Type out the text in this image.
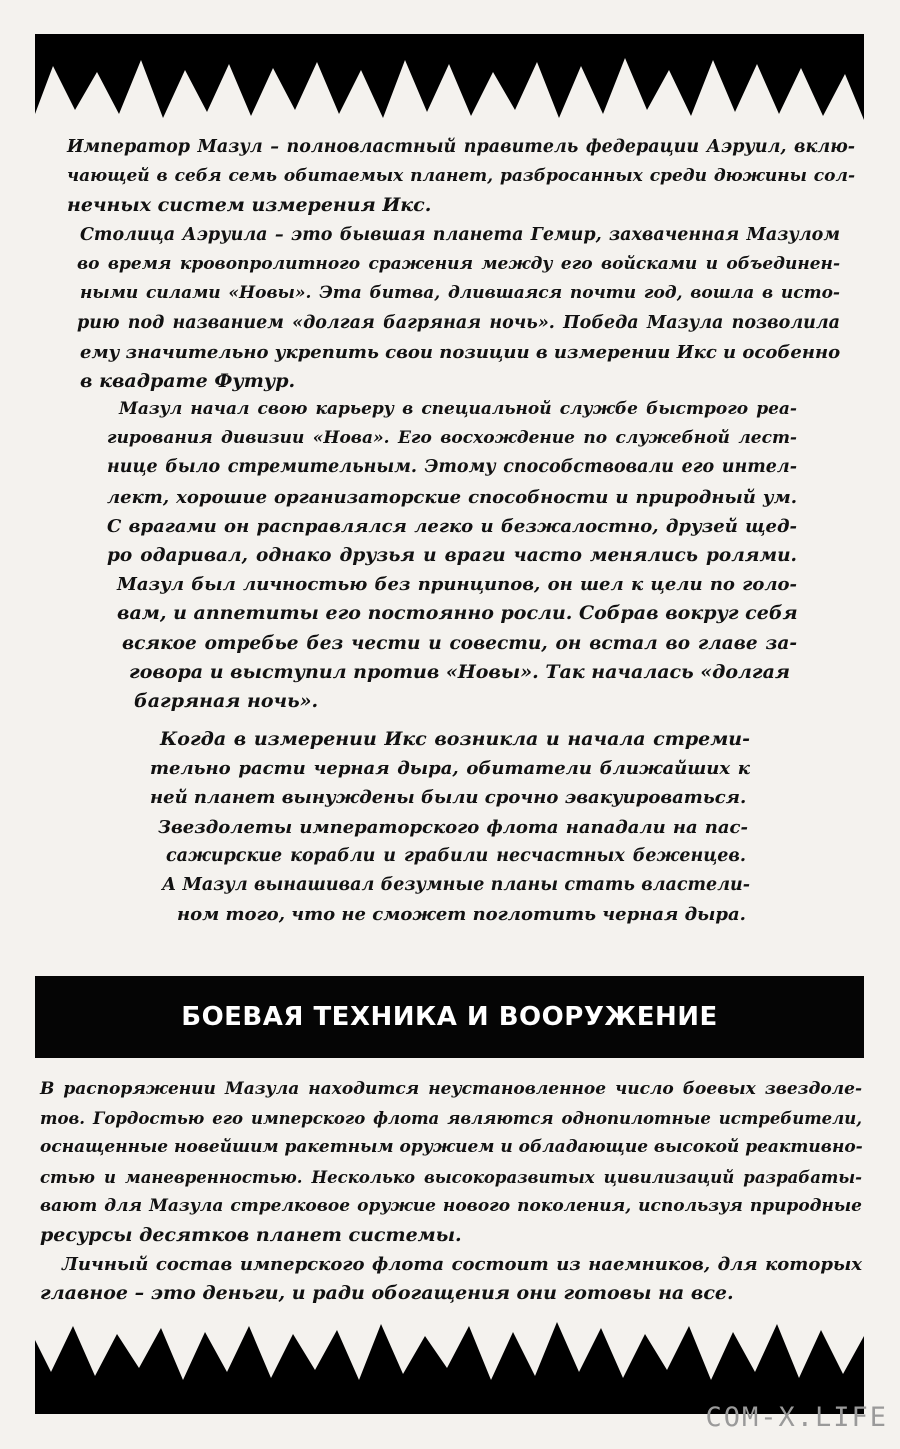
Император Мазул – полновластный правитель федерации Аэруил, вклю-

чающей в себя семь обитаемых планет, разбросанных среди дюжины сол-

нечных систем измерения Икс.

Столица Аэруила – это бывшая планета Гемир, захваченная Мазулом

во время кровопролитного сражения между его войсками и объединен-

ными силами «Новы». Эта битва, длившаяся почти год, вошла в исто-

рию под названием «долгая багряная ночь». Победа Мазула позволила

ему значительно укрепить свои позиции в измерении Икс и особенно

в квадрате Футур.

Мазул начал свою карьеру в специальной службе быстрого реа-

гирования дивизии «Нова». Его восхождение по служебной лест-

нице было стремительным. Этому способствовали его интел-

лект, хорошие организаторские способности и природный ум.

С врагами он расправлялся легко и безжалостно, друзей щед-

ро одаривал, однако друзья и враги часто менялись ролями.

Мазул был личностью без принципов, он шел к цели по голо-

вам, и аппетиты его постоянно росли. Собрав вокруг себя

всякое отребье без чести и совести, он встал во главе за-

говора и выступил против «Новы». Так началась «долгая

багряная ночь».

Когда в измерении Икс возникла и начала стреми-

тельно расти черная дыра, обитатели ближайших к

ней планет вынуждены были срочно эвакуироваться.

Звездолеты императорского флота нападали на пас-

сажирские корабли и грабили несчастных беженцев.

А Мазул вынашивал безумные планы стать властели-

ном того, что не сможет поглотить черная дыра.

БОЕВАЯ ТЕХНИКА И ВООРУЖЕНИЕ

В распоряжении Мазула находится неустановленное число боевых звездоле-

тов. Гордостью его имперского флота являются однопилотные истребители,

оснащенные новейшим ракетным оружием и обладающие высокой реактивно-

стью и маневренностью. Несколько высокоразвитых цивилизаций разрабаты-

вают для Мазула стрелковое оружие нового поколения, используя природные

ресурсы десятков планет системы.

Личный состав имперского флота состоит из наемников, для которых

главное – это деньги, и ради обогащения они готовы на все.

COM-X.LIFE
